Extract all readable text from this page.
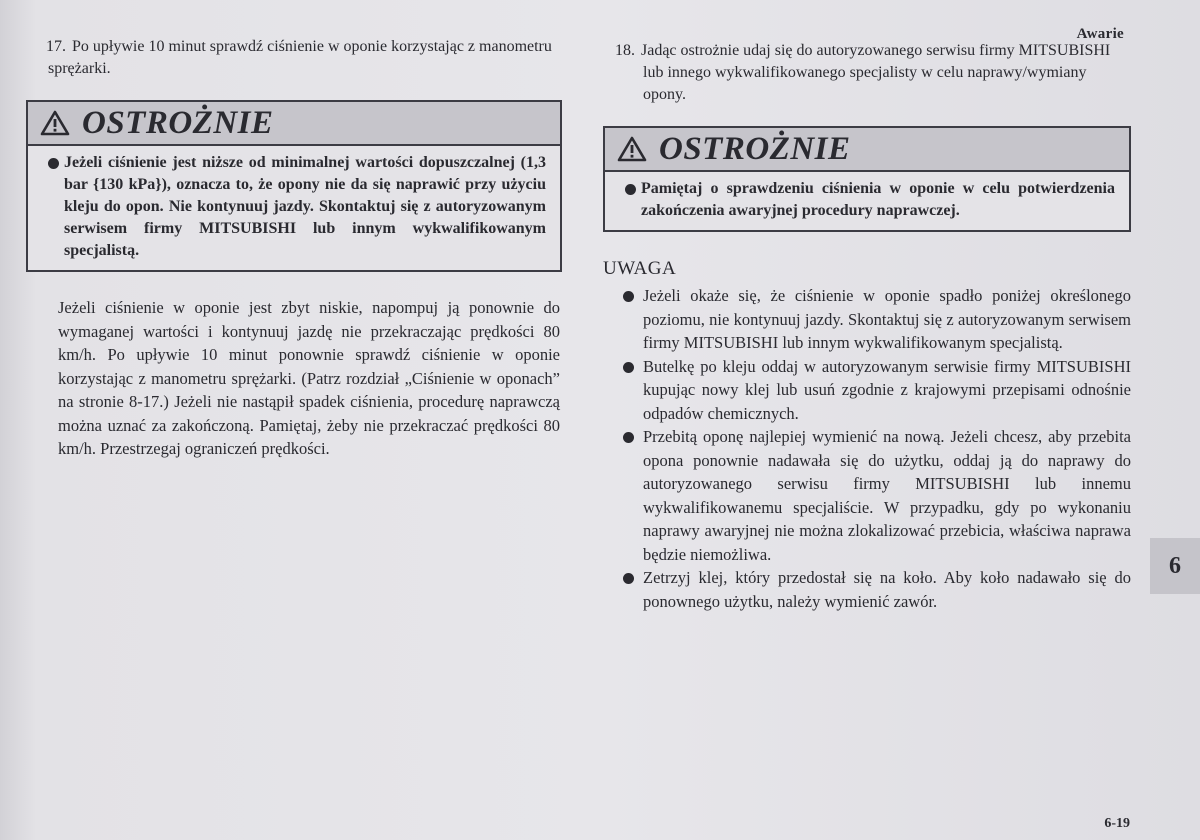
Awarie

17. Po upływie 10 minut sprawdź ciśnienie w oponie korzystając z manometru sprężarki.

OSTROŻNIE
Jeżeli ciśnienie jest niższe od minimalnej wartości dopuszczalnej (1,3 bar {130 kPa}), oznacza to, że opony nie da się naprawić przy użyciu kleju do opon. Nie kontynuuj jazdy. Skontaktuj się z autoryzowanym serwisem firmy MITSUBISHI lub innym wykwalifikowanym specjalistą.
Jeżeli ciśnienie w oponie jest zbyt niskie, napompuj ją ponownie do wymaganej wartości i kontynuuj jazdę nie przekraczając prędkości 80 km/h. Po upływie 10 minut ponownie sprawdź ciśnienie w oponie korzystając z manometru sprężarki. (Patrz rozdział „Ciśnienie w oponach” na stronie 8-17.) Jeżeli nie nastąpił spadek ciśnienia, procedurę naprawczą można uznać za zakończoną. Pamiętaj, żeby nie przekraczać prędkości 80 km/h. Przestrzegaj ograniczeń prędkości.

18. Jadąc ostrożnie udaj się do autoryzowanego serwisu firmy MITSUBISHI lub innego wykwalifikowanego specjalisty w celu naprawy/wymiany opony.

OSTROŻNIE
Pamiętaj o sprawdzeniu ciśnienia w oponie w celu potwierdzenia zakończenia awaryjnej procedury naprawczej.
UWAGA
Jeżeli okaże się, że ciśnienie w oponie spadło poniżej określonego poziomu, nie kontynuuj jazdy. Skontaktuj się z autoryzowanym serwisem firmy MITSUBISHI lub innym wykwalifikowanym specjalistą.
Butelkę po kleju oddaj w autoryzowanym serwisie firmy MITSUBISHI kupując nowy klej lub usuń zgodnie z krajowymi przepisami odnośnie odpadów chemicznych.
Przebitą oponę najlepiej wymienić na nową. Jeżeli chcesz, aby przebita opona ponownie nadawała się do użytku, oddaj ją do naprawy do autoryzowanego serwisu firmy MITSUBISHI lub innemu wykwalifikowanemu specjaliście. W przypadku, gdy po wykonaniu naprawy awaryjnej nie można zlokalizować przebicia, właściwa naprawa będzie niemożliwa.
Zetrzyj klej, który przedostał się na koło. Aby koło nadawało się do ponownego użytku, należy wymienić zawór.
6
6-19
